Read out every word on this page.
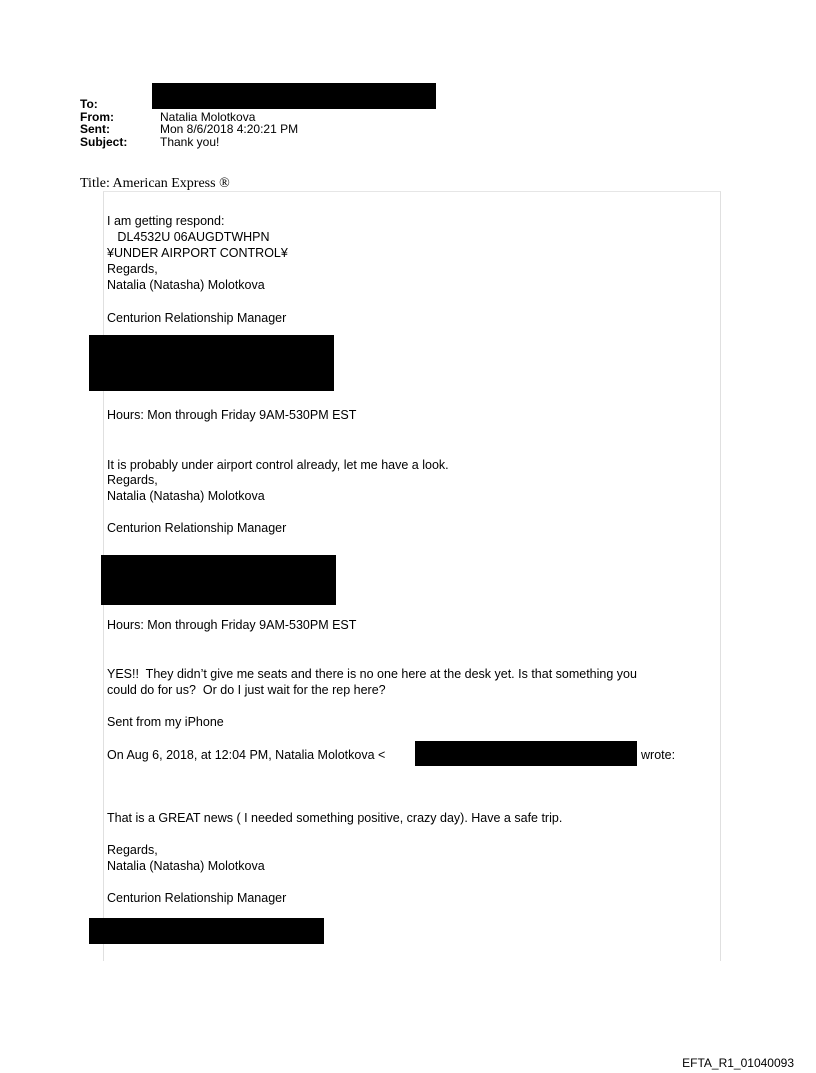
To:
From:	Natalia Molotkova
Sent:	Mon 8/6/2018 4:20:21 PM
Subject:	Thank you!
Title: American Express ®
I am getting respond:
DL4532U 06AUGDTWHPN
¥UNDER AIRPORT CONTROL¥
Regards,
Natalia (Natasha) Molotkova
Centurion Relationship Manager
Hours: Mon through Friday 9AM-530PM EST
It is probably under airport control already, let me have a look.
Regards,
Natalia (Natasha) Molotkova
Centurion Relationship Manager
Hours: Mon through Friday 9AM-530PM EST
YES!!  They didn’t give me seats and there is no one here at the desk yet. Is that something you
could do for us?  Or do I just wait for the rep here?
Sent from my iPhone
On Aug 6, 2018, at 12:04 PM, Natalia Molotkova <	wrote:
That is a GREAT news ( I needed something positive, crazy day). Have a safe trip.
Regards,
Natalia (Natasha) Molotkova
Centurion Relationship Manager
EFTA_R1_01040093
